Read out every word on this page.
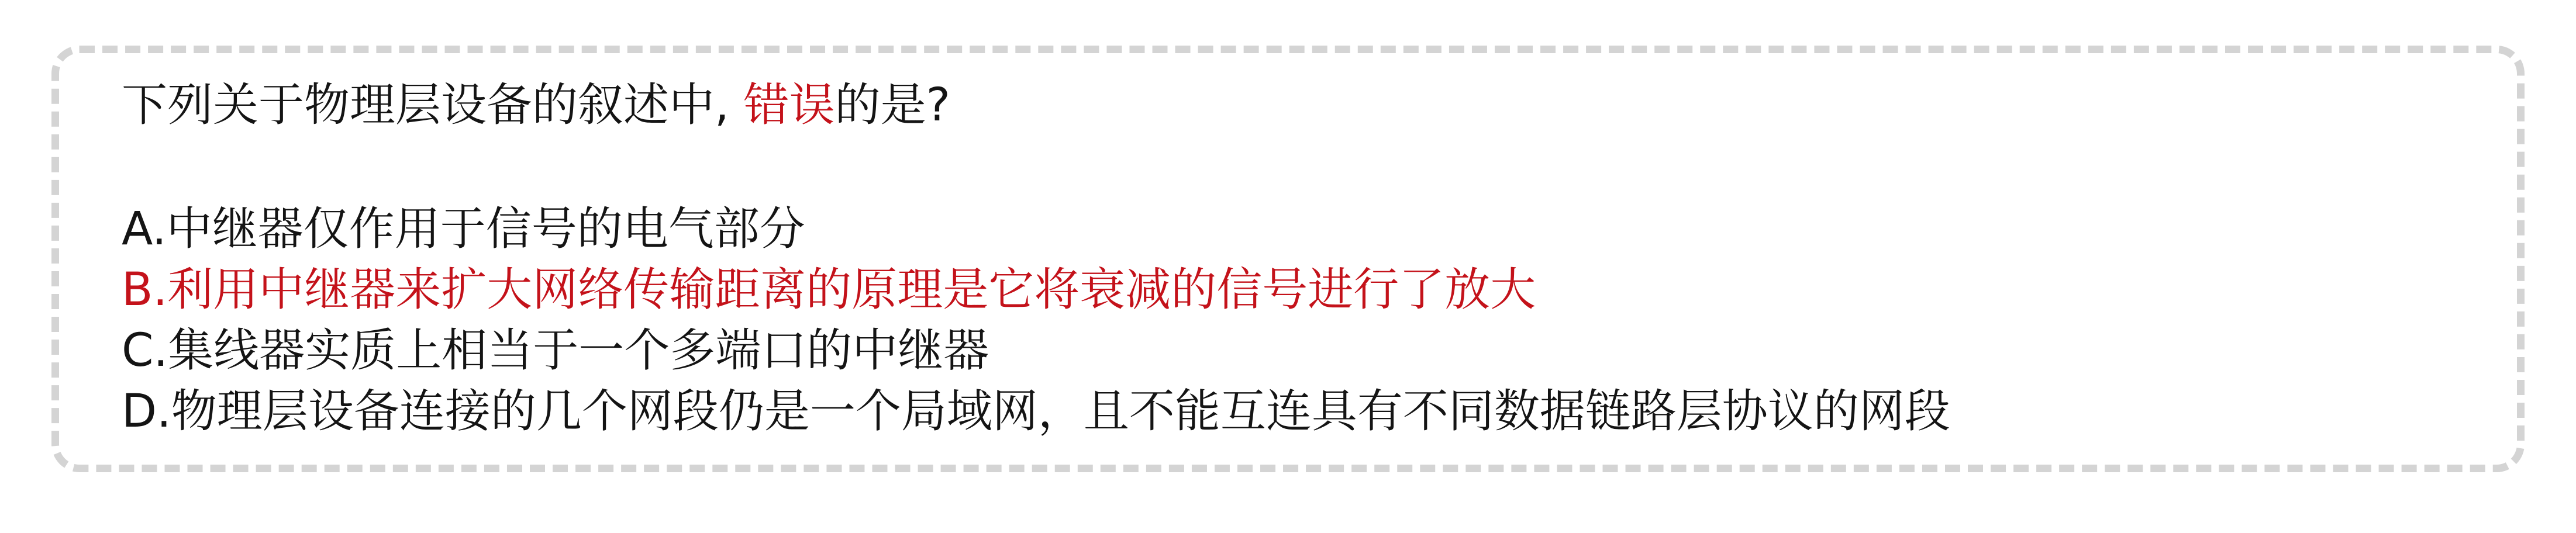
下列关于物理层设备的叙述中, 错误的是?
A.中继器仅作用于信号的电气部分
B.利用中继器来扩大网络传输距离的原理是它将衰减的信号进行了放大
C.集线器实质上相当于一个多端口的中继器
D.物理层设备连接的几个网段仍是一个局域网，且不能互连具有不同数据链路层协议的网段
